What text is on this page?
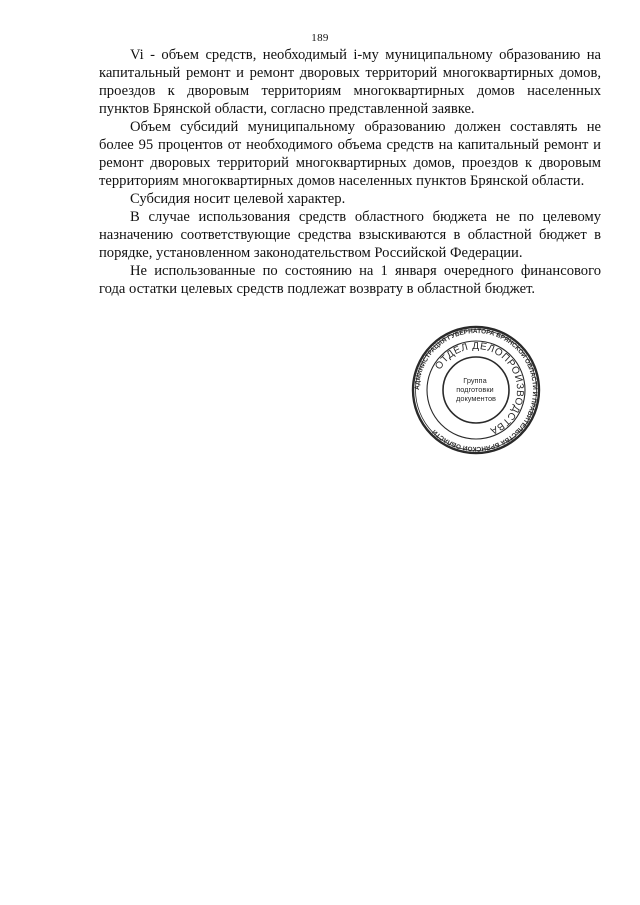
189

Vi - объем средств, необходимый i-му муниципальному образованию на капитальный ремонт и ремонт дворовых территорий многоквартирных домов, проездов к дворовым территориям многоквартирных домов населенных пунктов Брянской области, согласно представленной заявке.

Объем субсидий муниципальному образованию должен составлять не более 95 процентов от необходимого объема средств на капитальный ремонт и ремонт дворовых территорий многоквартирных домов, проездов к дворовым территориям многоквартирных домов населенных пунктов Брянской области.

Субсидия носит целевой характер.

В случае использования средств областного бюджета не по целевому назначению соответствующие средства взыскиваются в областной бюджет в порядке, установленном законодательством Российской Федерации.

Не использованные по состоянию на 1 января очередного финансового года остатки целевых средств подлежат возврату в областной бюджет.

АДМИНИСТРАЦИЯ ГУБЕРНАТОРА БРЯНСКОЙ ОБЛАСТИ И ПРАВИТЕЛЬСТВА БРЯНСКОЙ ОБЛАСТИ
ОТДЕЛ ДЕЛОПРОИЗВОДСТВА
Группа подготовки документов
